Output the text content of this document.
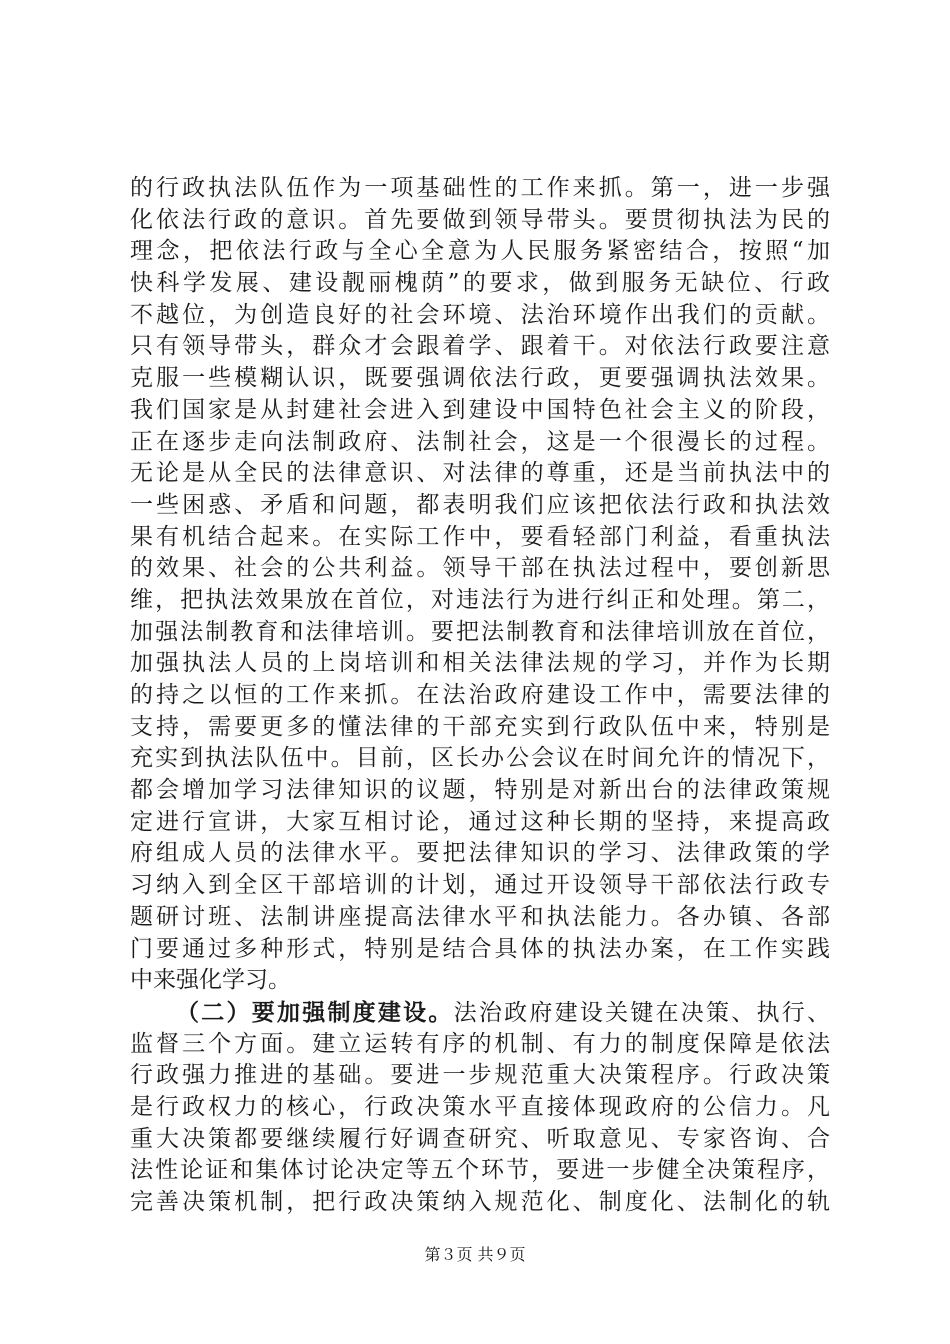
的行政执法队伍作为一项基础性的工作来抓。第一，进一步强
化依法行政的意识。首先要做到领导带头。要贯彻执法为民的
理念，把依法行政与全心全意为人民服务紧密结合，按照“加
快科学发展、建设靓丽槐荫”的要求，做到服务无缺位、行政
不越位，为创造良好的社会环境、法治环境作出我们的贡献。
只有领导带头，群众才会跟着学、跟着干。对依法行政要注意
克服一些模糊认识，既要强调依法行政，更要强调执法效果。
我们国家是从封建社会进入到建设中国特色社会主义的阶段，
正在逐步走向法制政府、法制社会，这是一个很漫长的过程。
无论是从全民的法律意识、对法律的尊重，还是当前执法中的
一些困惑、矛盾和问题，都表明我们应该把依法行政和执法效
果有机结合起来。在实际工作中，要看轻部门利益，看重执法
的效果、社会的公共利益。领导干部在执法过程中，要创新思
维，把执法效果放在首位，对违法行为进行纠正和处理。第二，
加强法制教育和法律培训。要把法制教育和法律培训放在首位，
加强执法人员的上岗培训和相关法律法规的学习，并作为长期
的持之以恒的工作来抓。在法治政府建设工作中，需要法律的
支持，需要更多的懂法律的干部充实到行政队伍中来，特别是
充实到执法队伍中。目前，区长办公会议在时间允许的情况下，
都会增加学习法律知识的议题，特别是对新出台的法律政策规
定进行宣讲，大家互相讨论，通过这种长期的坚持，来提高政
府组成人员的法律水平。要把法律知识的学习、法律政策的学
习纳入到全区干部培训的计划，通过开设领导干部依法行政专
题研讨班、法制讲座提高法律水平和执法能力。各办镇、各部
门要通过多种形式，特别是结合具体的执法办案，在工作实践
中来强化学习。
（二）要加强制度建设。法治政府建设关键在决策、执行、
监督三个方面。建立运转有序的机制、有力的制度保障是依法
行政强力推进的基础。要进一步规范重大决策程序。行政决策
是行政权力的核心，行政决策水平直接体现政府的公信力。凡
重大决策都要继续履行好调查研究、听取意见、专家咨询、合
法性论证和集体讨论决定等五个环节，要进一步健全决策程序，
完善决策机制，把行政决策纳入规范化、制度化、法制化的轨
第３页 共９页
